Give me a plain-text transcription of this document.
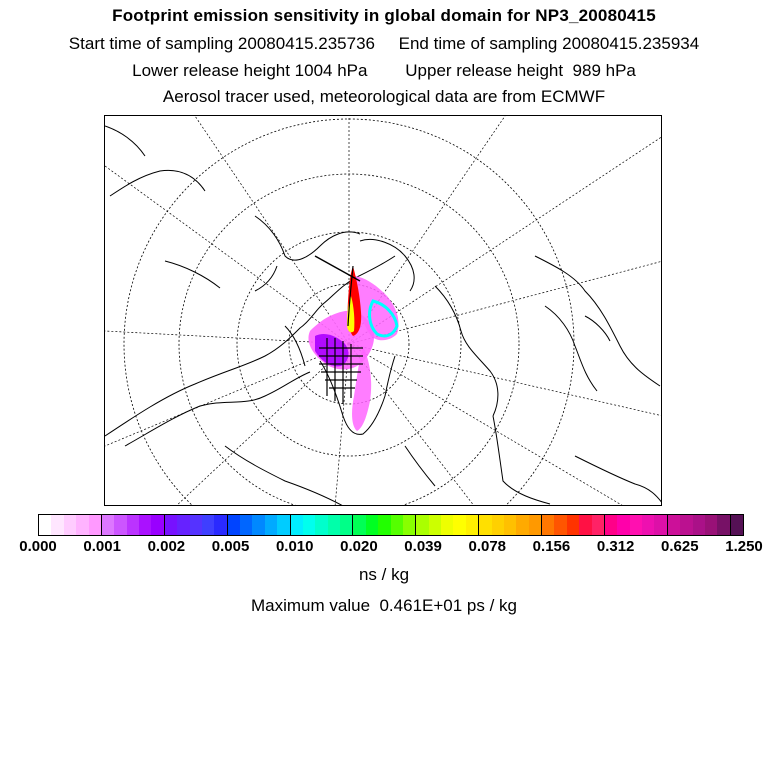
Footprint emission sensitivity in global domain for NP3_20080415
Start time of sampling 20080415.235736 End time of sampling 20080415.235934
Lower release height 1004 hPa Upper release height  989 hPa
Aerosol tracer used, meteorological data are from ECMWF
0.000 0.001 0.002 0.005 0.010 0.020 0.039 0.078 0.156 0.312 0.625 1.250
ns / kg
Maximum value  0.461E+01 ps / kg
